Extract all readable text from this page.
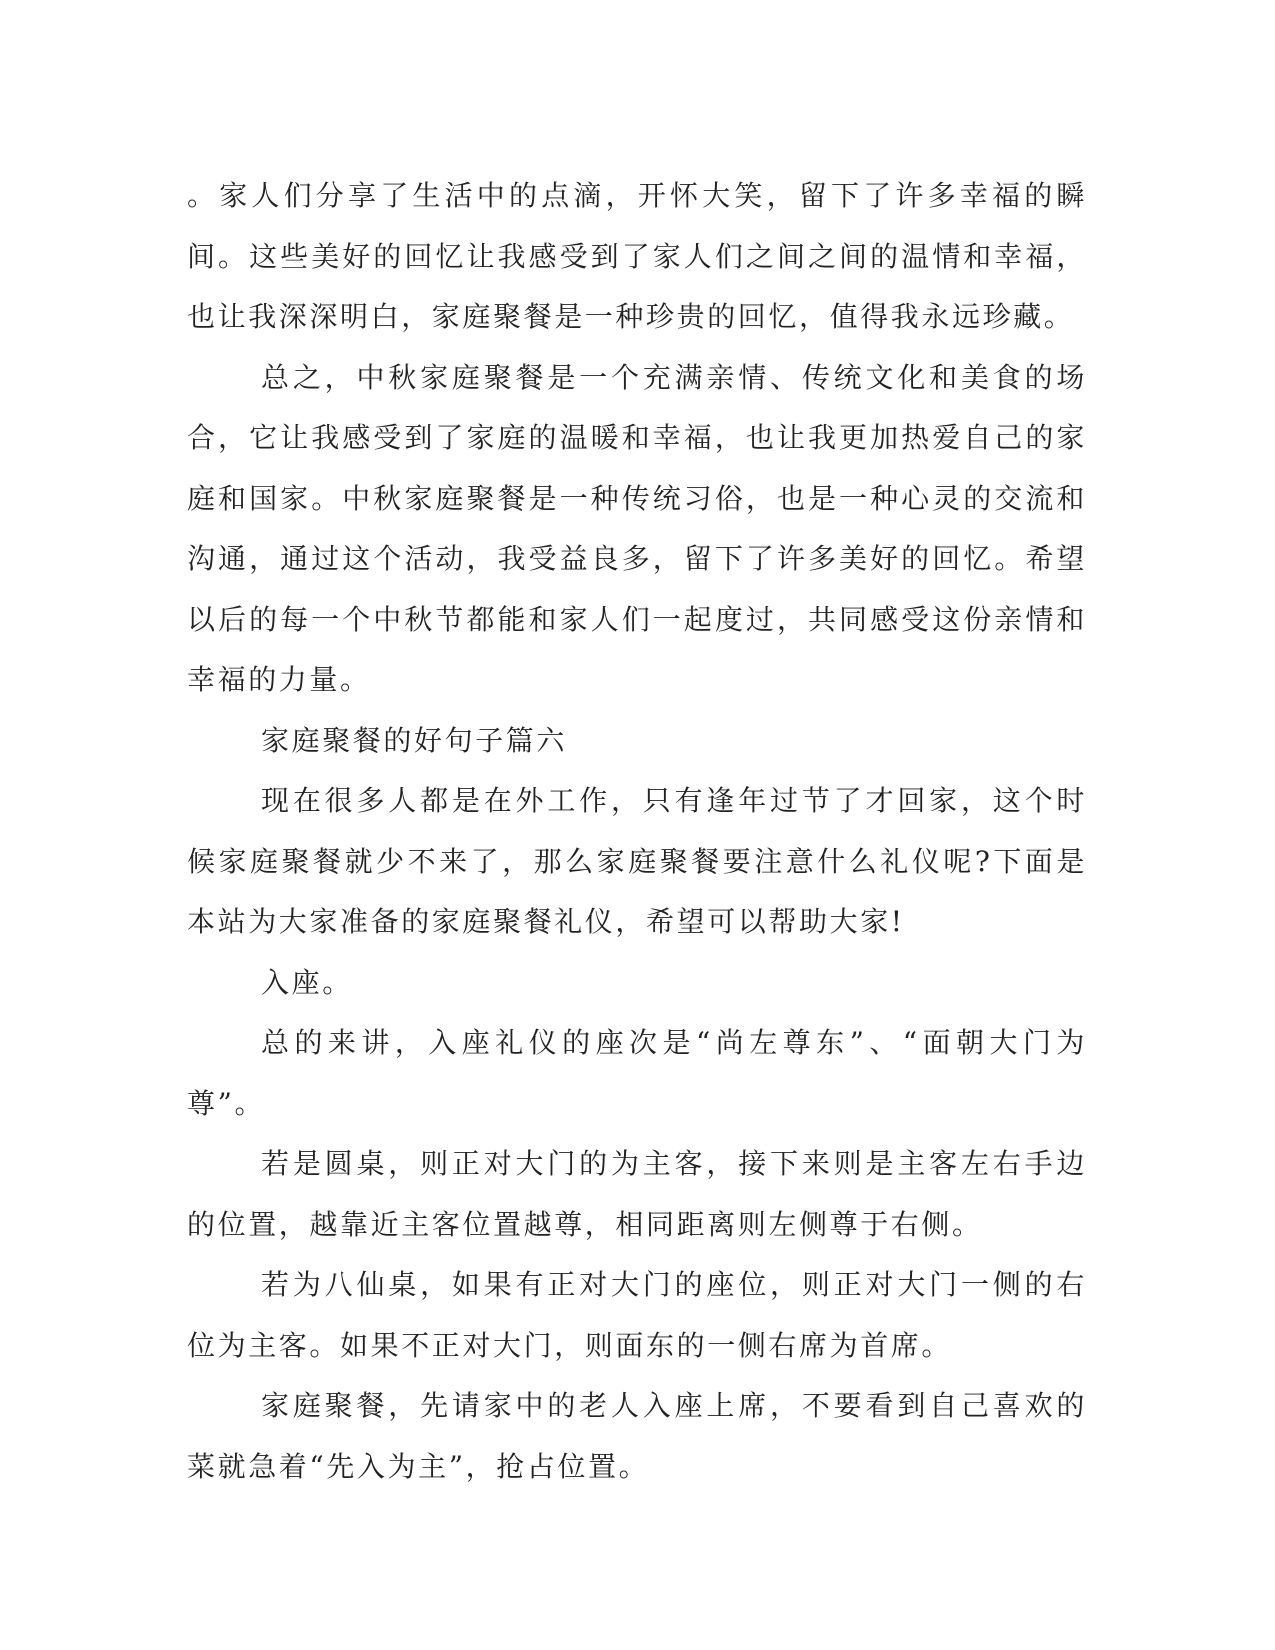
。家人们分享了生活中的点滴，开怀大笑，留下了许多幸福的瞬间。这些美好的回忆让我感受到了家人们之间之间的温情和幸福，也让我深深明白，家庭聚餐是一种珍贵的回忆，值得我永远珍藏。

总之，中秋家庭聚餐是一个充满亲情、传统文化和美食的场合，它让我感受到了家庭的温暖和幸福，也让我更加热爱自己的家庭和国家。中秋家庭聚餐是一种传统习俗，也是一种心灵的交流和沟通，通过这个活动，我受益良多，留下了许多美好的回忆。希望以后的每一个中秋节都能和家人们一起度过，共同感受这份亲情和幸福的力量。

家庭聚餐的好句子篇六

现在很多人都是在外工作，只有逢年过节了才回家，这个时候家庭聚餐就少不来了，那么家庭聚餐要注意什么礼仪呢?下面是本站为大家准备的家庭聚餐礼仪，希望可以帮助大家!

入座。

总的来讲，入座礼仪的座次是“尚左尊东”、“面朝大门为尊”。

若是圆桌，则正对大门的为主客，接下来则是主客左右手边的位置，越靠近主客位置越尊，相同距离则左侧尊于右侧。

若为八仙桌，如果有正对大门的座位，则正对大门一侧的右位为主客。如果不正对大门，则面东的一侧右席为首席。

家庭聚餐，先请家中的老人入座上席，不要看到自己喜欢的菜就急着“先入为主”，抢占位置。
